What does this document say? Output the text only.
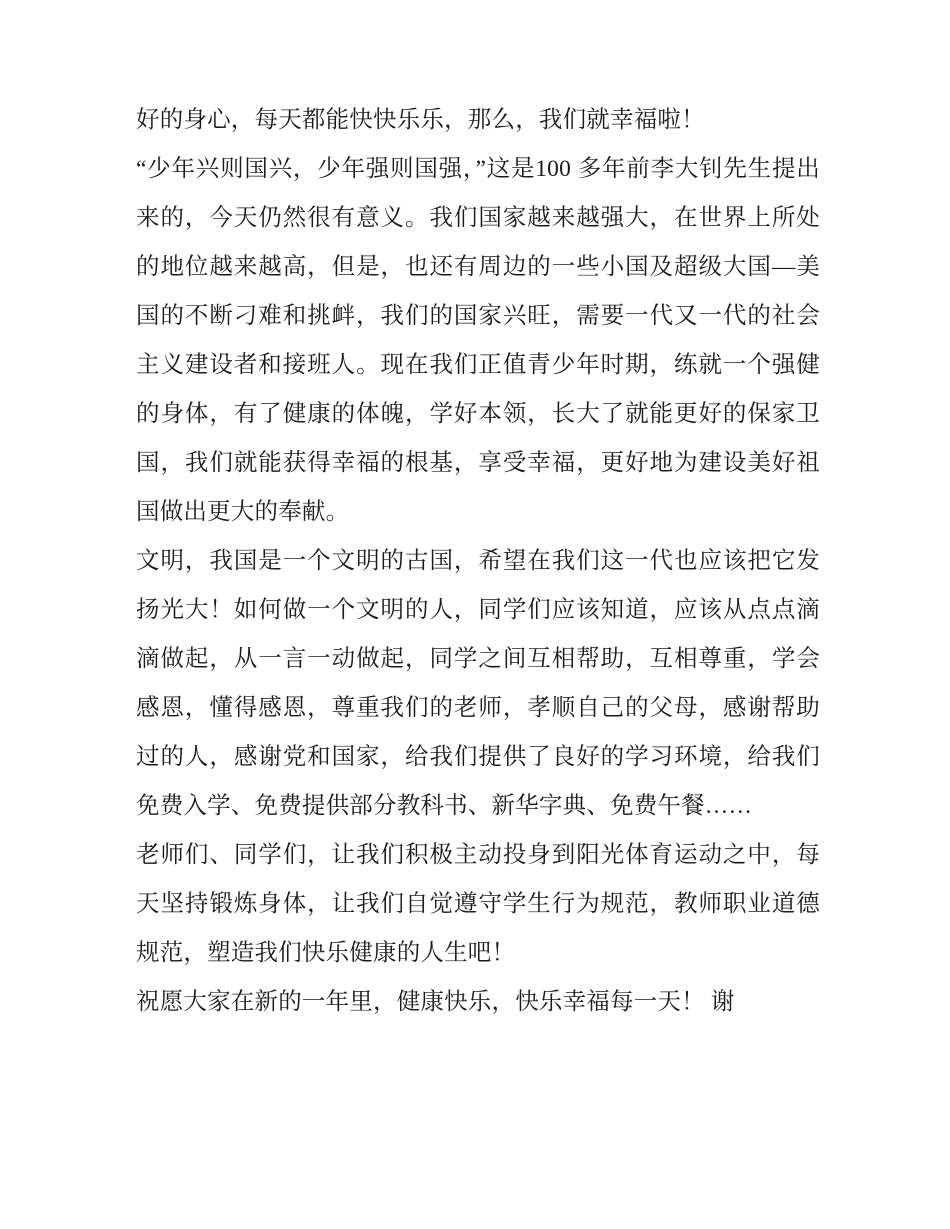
好的身心，每天都能快快乐乐，那么，我们就幸福啦！

“少年兴则国兴，少年强则国强，”这是100 多年前李大钊先生提出来的，今天仍然很有意义。我们国家越来越强大，在世界上所处的地位越来越高，但是，也还有周边的一些小国及超级大国—美国的不断刁难和挑衅，我们的国家兴旺，需要一代又一代的社会主义建设者和接班人。现在我们正值青少年时期，练就一个强健的身体，有了健康的体魄，学好本领，长大了就能更好的保家卫国，我们就能获得幸福的根基，享受幸福，更好地为建设美好祖国做出更大的奉献。

文明，我国是一个文明的古国，希望在我们这一代也应该把它发扬光大！如何做一个文明的人，同学们应该知道，应该从点点滴滴做起，从一言一动做起，同学之间互相帮助，互相尊重，学会感恩，懂得感恩，尊重我们的老师，孝顺自己的父母，感谢帮助过的人，感谢党和国家，给我们提供了良好的学习环境，给我们免费入学、免费提供部分教科书、新华字典、免费午餐……

老师们、同学们，让我们积极主动投身到阳光体育运动之中，每天坚持锻炼身体，让我们自觉遵守学生行为规范，教师职业道德规范，塑造我们快乐健康的人生吧！

祝愿大家在新的一年里，健康快乐，快乐幸福每一天！ 谢
